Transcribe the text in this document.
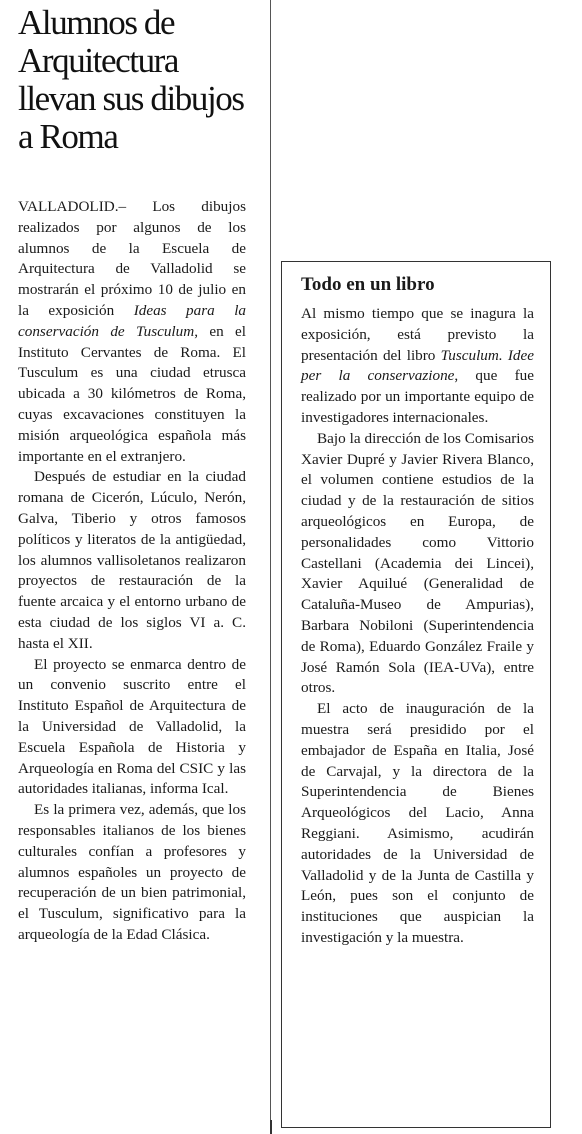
Alumnos de Arquitectura llevan sus dibujos a Roma

VALLADOLID.– Los dibujos realizados por algunos de los alumnos de la Escuela de Arquitectura de Valladolid se mostrarán el próximo 10 de julio en la exposición Ideas para la conservación de Tusculum, en el Instituto Cervantes de Roma. El Tusculum es una ciudad etrusca ubicada a 30 kilómetros de Roma, cuyas excavaciones constituyen la misión arqueológica española más importante en el extranjero.

Después de estudiar en la ciudad romana de Cicerón, Lúculo, Nerón, Galva, Tiberio y otros famosos políticos y literatos de la antigüedad, los alumnos vallisoletanos realizaron proyectos de restauración de la fuente arcaica y el entorno urbano de esta ciudad de los siglos VI a. C. hasta el XII.

El proyecto se enmarca dentro de un convenio suscrito entre el Instituto Español de Arquitectura de la Universidad de Valladolid, la Escuela Española de Historia y Arqueología en Roma del CSIC y las autoridades italianas, informa Ical.

Es la primera vez, además, que los responsables italianos de los bienes culturales confían a profesores y alumnos españoles un proyecto de recuperación de un bien patrimonial, el Tusculum, significativo para la arqueología de la Edad Clásica.

Todo en un libro

Al mismo tiempo que se inagura la exposición, está previsto la presentación del libro Tusculum. Idee per la conservazione, que fue realizado por un importante equipo de investigadores internacionales.

Bajo la dirección de los Comisarios Xavier Dupré y Javier Rivera Blanco, el volumen contiene estudios de la ciudad y de la restauración de sitios arqueológicos en Europa, de personalidades como Vittorio Castellani (Academia dei Lincei), Xavier Aquilué (Generalidad de Cataluña-Museo de Ampurias), Barbara Nobiloni (Superintendencia de Roma), Eduardo González Fraile y José Ramón Sola (IEA-UVa), entre otros.

El acto de inauguración de la muestra será presidido por el embajador de España en Italia, José de Carvajal, y la directora de la Superintendencia de Bienes Arqueológicos del Lacio, Anna Reggiani. Asimismo, acudirán autoridades de la Universidad de Valladolid y de la Junta de Castilla y León, pues son el conjunto de instituciones que auspician la investigación y la muestra.
